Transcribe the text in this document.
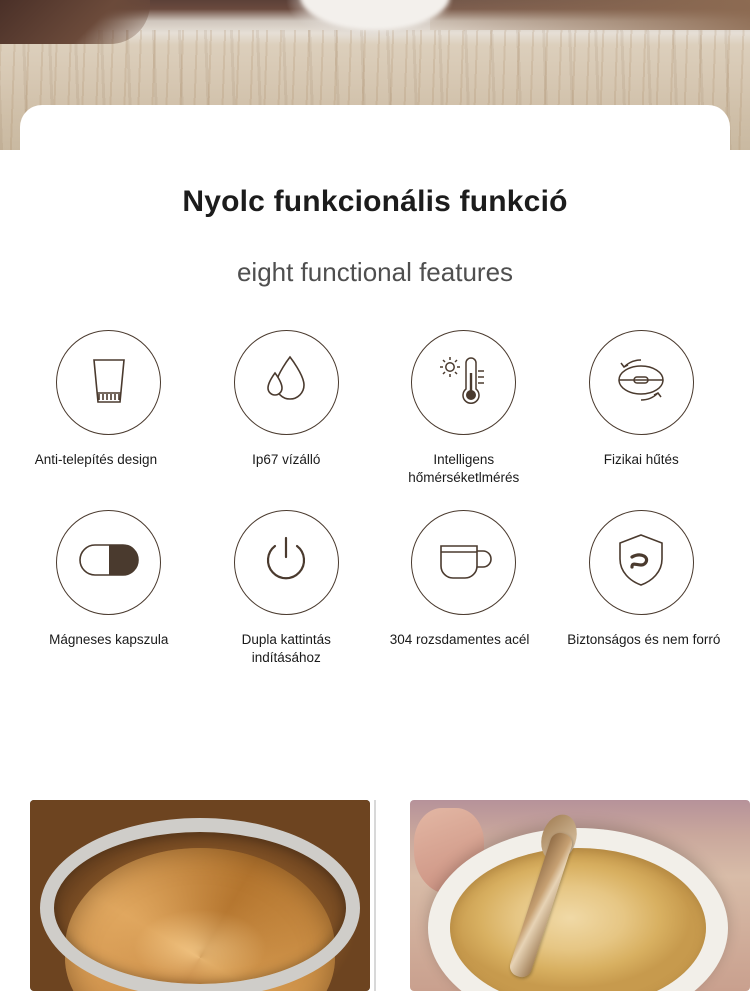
Nyolc funkcionális funkció
eight functional features
Anti-telepítés design	Ip67 vízálló	Intelligens hőmérséketlmérés
Fizikai hűtés
Mágneses kapszula	Dupla kattintás indításához
304 rozsdamentes acél	Biztonságos és nem forró
